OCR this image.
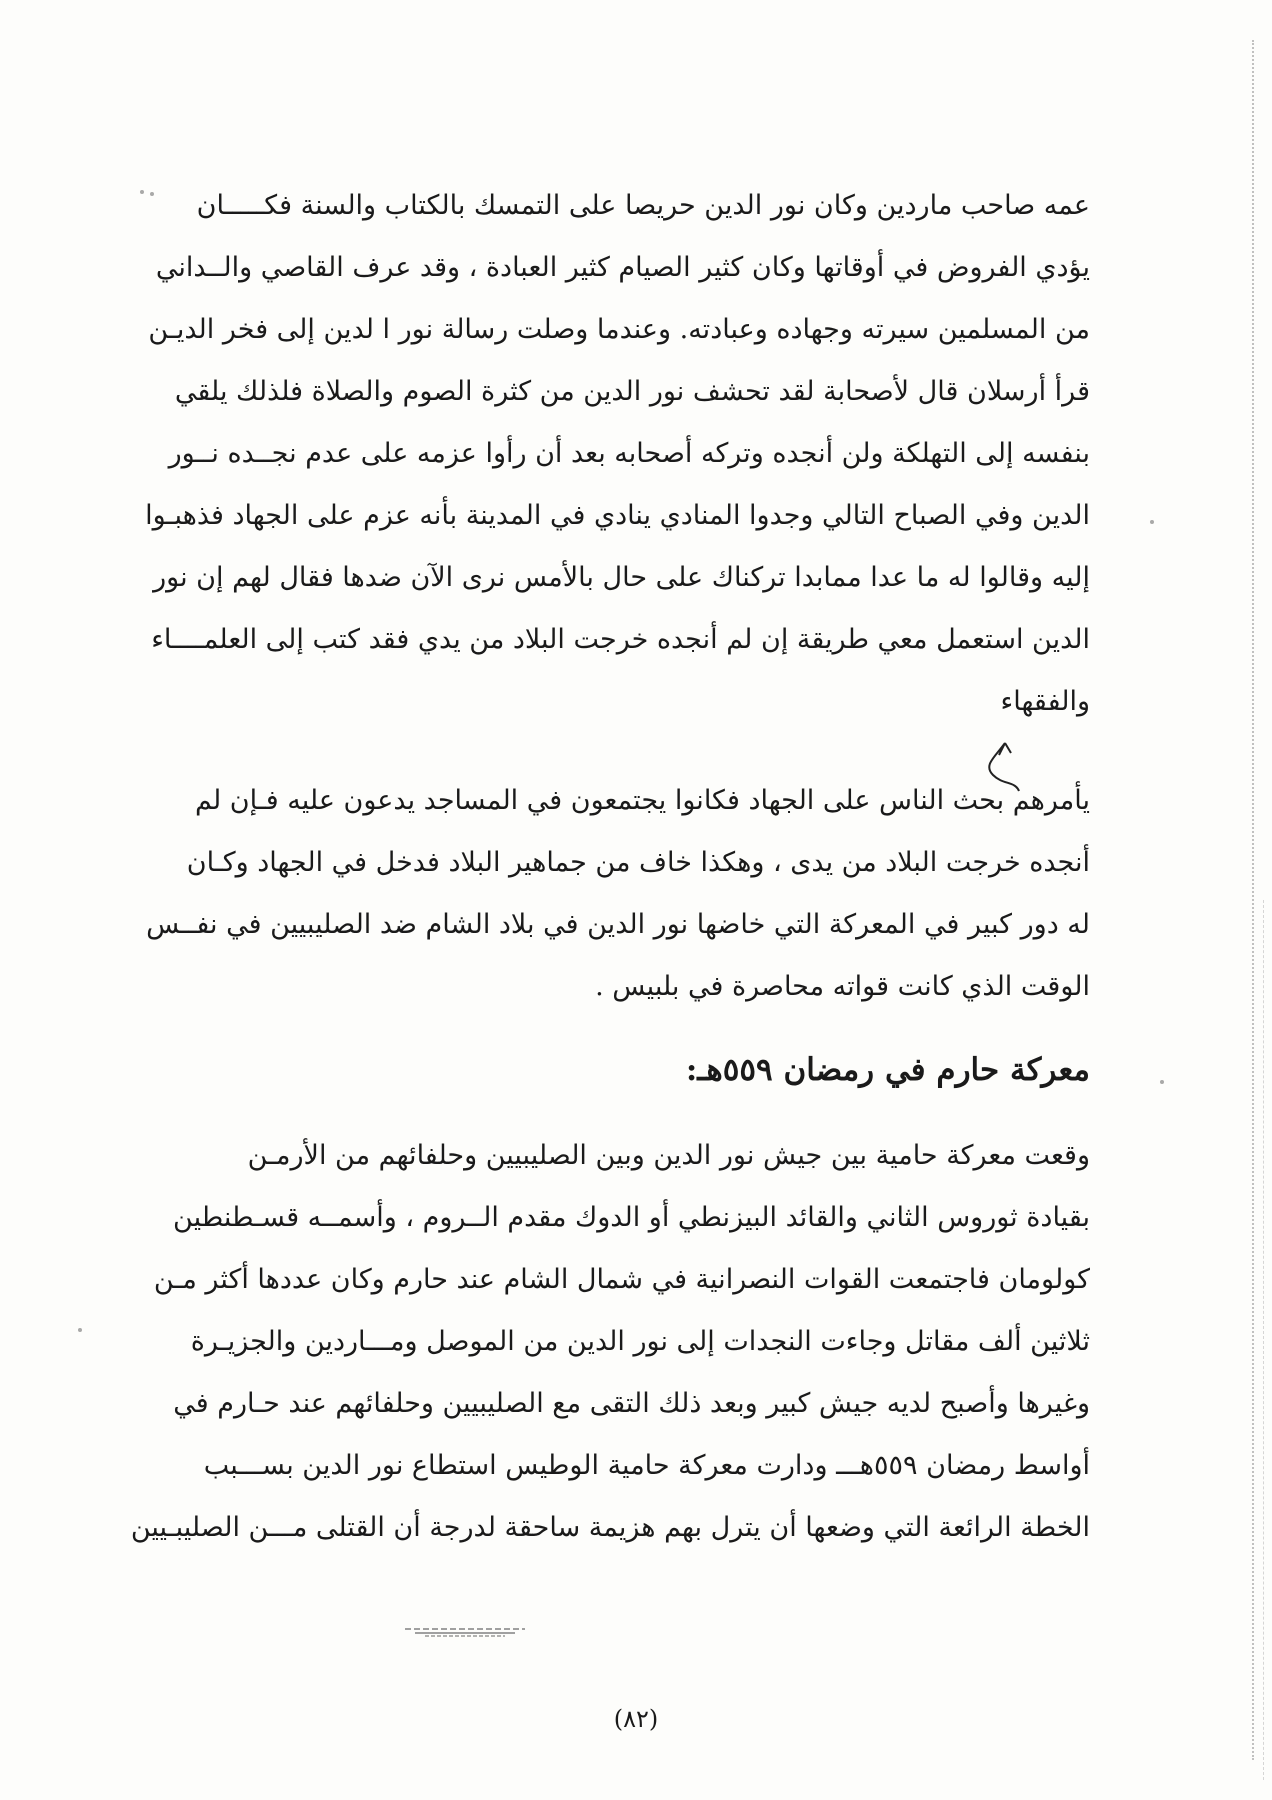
عمه صاحب ماردين وكان نور الدين حريصا على التمسك بالكتاب والسنة فكـــــان
يؤدي الفروض في أوقاتها وكان كثير الصيام كثير العبادة ، وقد عرف القاصي والــداني
من المسلمين سيرته وجهاده وعبادته. وعندما وصلت رسالة نور ا لدين إلى فخر الديـن
قرأ أرسلان قال لأصحابة لقد تحشف نور الدين من كثرة الصوم والصلاة فلذلك يلقي
بنفسه إلى التهلكة ولن أنجده وتركه أصحابه بعد أن رأوا عزمه على عدم نجــده نــور
الدين وفي الصباح التالي وجدوا المنادي ينادي في المدينة بأنه عزم على الجهاد فذهبـوا
إليه وقالوا له ما عدا ممابدا تركناك على حال بالأمس نرى الآن ضدها فقال لهم إن نور
الدين استعمل معي طريقة إن لم أنجده خرجت البلاد من يدي فقد كتب إلى العلمــــاء
والفقهاء
يأمرهم بحث الناس على الجهاد فكانوا يجتمعون في المساجد يدعون عليه فـإن لم
أنجده خرجت البلاد من يدى ، وهكذا خاف من جماهير البلاد فدخل في الجهاد وكـان
له دور كبير في المعركة التي خاضها نور الدين في بلاد الشام ضد الصليبيين في نفــس
الوقت الذي كانت قواته محاصرة في بلبيس .
معركة حارم في رمضان ٥٥٩هـ:
وقعت معركة حامية بين جيش نور الدين وبين الصليبيين وحلفائهم من الأرمـن
بقيادة ثوروس الثاني والقائد البيزنطي أو الدوك مقدم الــروم ، وأسمــه قسـطنطين
كولومان فاجتمعت القوات النصرانية في شمال الشام عند حارم وكان عددها أكثر مـن
ثلاثين ألف مقاتل وجاءت النجدات إلى نور الدين من الموصل ومـــاردين والجزيـرة
وغيرها وأصبح لديه جيش كبير وبعد ذلك التقى مع الصليبيين وحلفائهم عند حـارم في
أواسط رمضان ٥٥٩هـــ ودارت معركة حامية الوطيس استطاع نور الدين بســـبب
الخطة الرائعة التي وضعها أن يترل بهم هزيمة ساحقة لدرجة أن القتلى مـــن الصليبـيين
(٨٢)
